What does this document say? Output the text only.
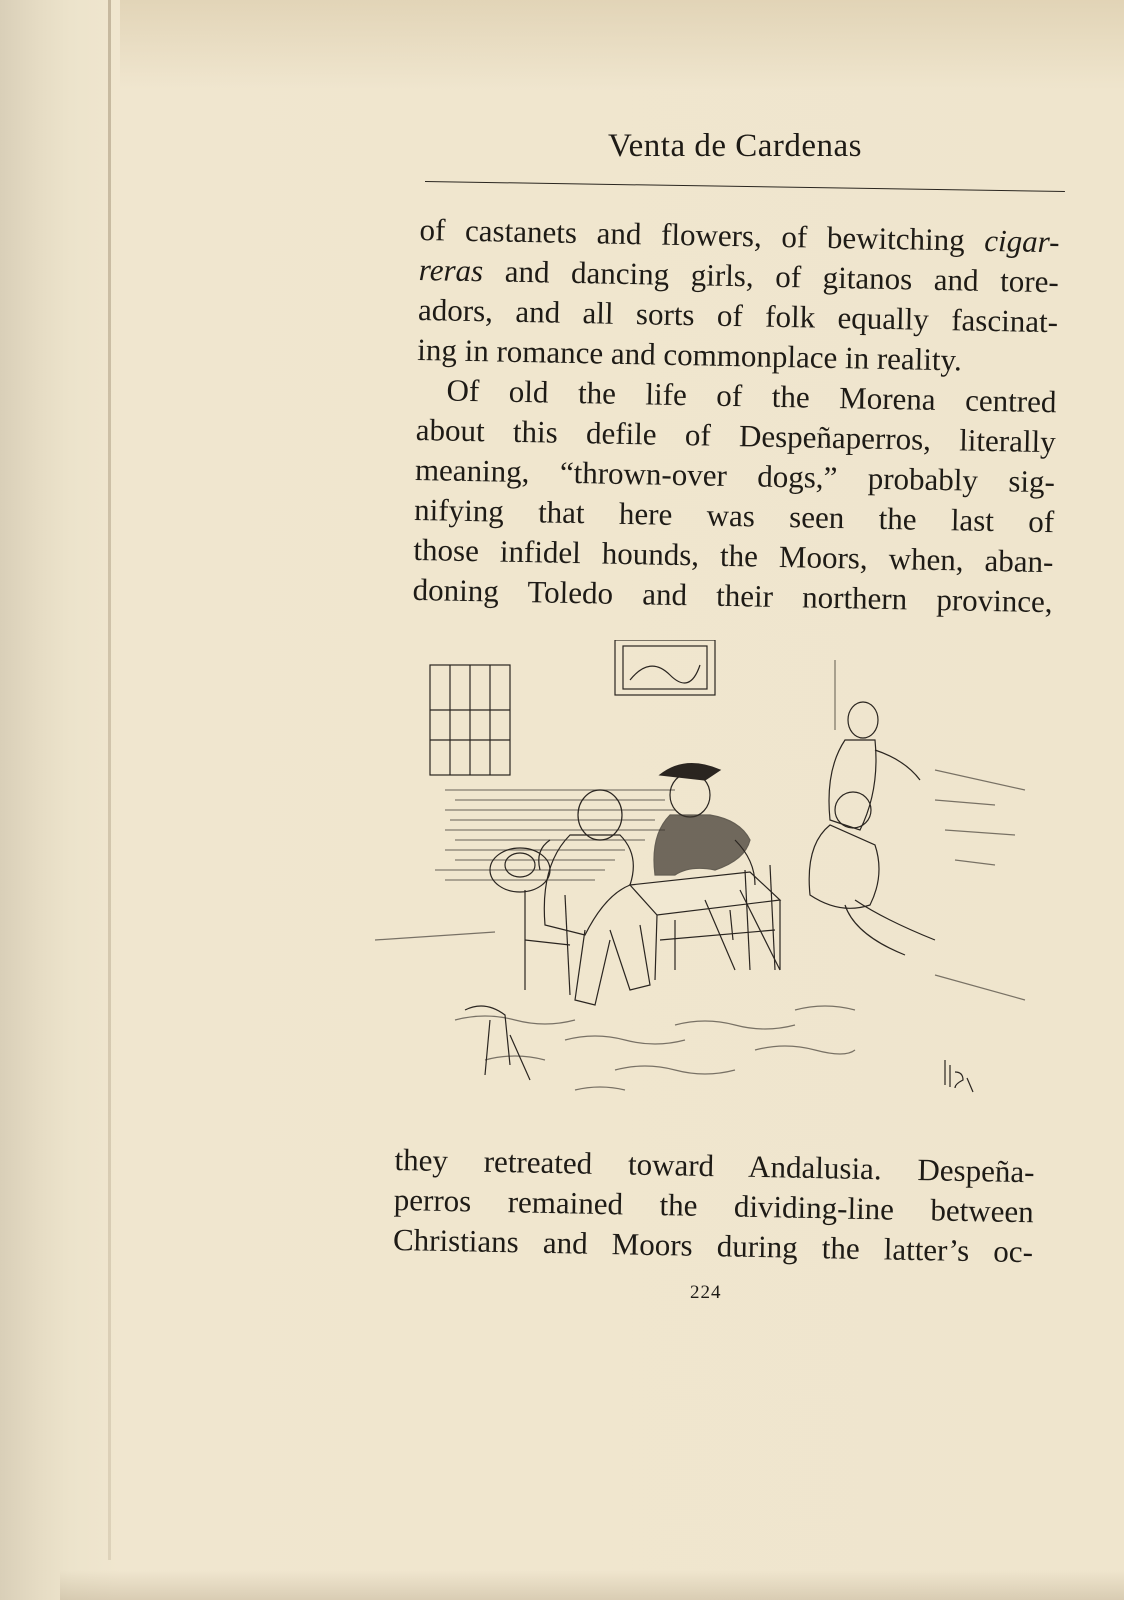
Venta de Cardenas
of castanets and flowers, of bewitching cigar-
reras and dancing girls, of gitanos and tore-
adors, and all sorts of folk equally fascinat-
ing in romance and commonplace in reality.
Of old the life of the Morena centred
about this defile of Despeñaperros, literally
meaning, “thrown-over dogs,” probably sig-
nifying that here was seen the last of
those infidel hounds, the Moors, when, aban-
doning Toledo and their northern province,
they retreated toward Andalusia. Despeña-
perros remained the dividing-line between
Christians and Moors during the latter’s oc-
224
